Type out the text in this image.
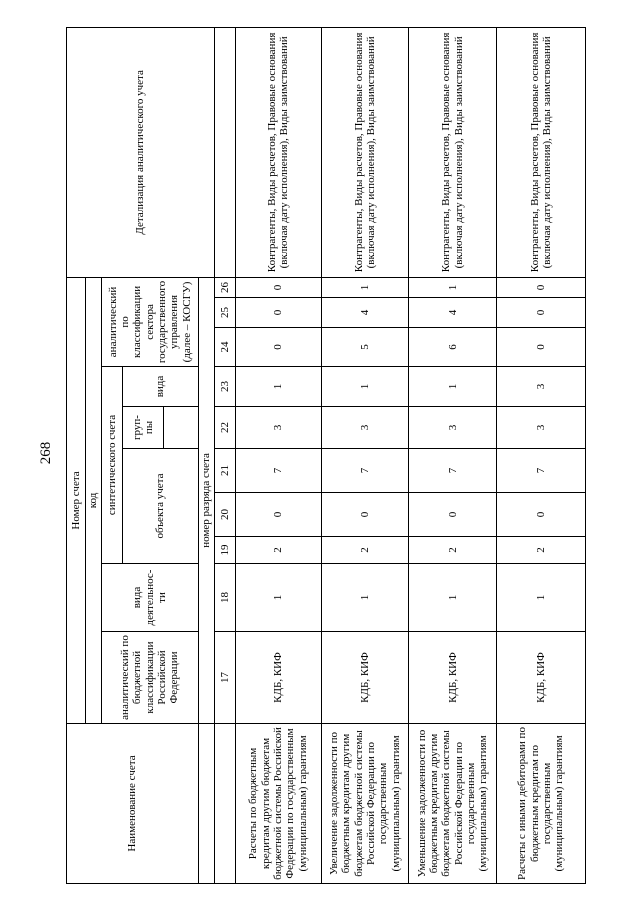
268
Наименование счета	Номер счета										Детализация аналитического учета
	код										
	аналитический по бюджетной классификации Российской Федерации	вида деятельнос-ти	синтетического счета					аналитический по классификации сектора государственного управления (далее – КОСГУ)			
			объекта учета			груп-пы	вида				

	номер разряда счета										
	17	18	19	20	21	22	23	24	25	26	
Расчеты по бюджетным кредитам другим бюджетам бюджетной системы Российской Федерации по государственным (муниципальным) гарантиям	КДБ, КИФ	1	2	0	7	3	1	0	0	0	Контрагенты, Виды расчетов, Правовые основания (включая дату исполнения), Виды заимствований
Увеличение задолженности по бюджетным кредитам другим бюджетам бюджетной системы Российской Федерации по государственным (муниципальным) гарантиям	КДБ, КИФ	1	2	0	7	3	1	5	4	1	Контрагенты, Виды расчетов, Правовые основания (включая дату исполнения), Виды заимствований
Уменьшение задолженности по бюджетным кредитам другим бюджетам бюджетной системы Российской Федерации по государственным (муниципальным) гарантиям	КДБ, КИФ	1	2	0	7	3	1	6	4	1	Контрагенты, Виды расчетов, Правовые основания (включая дату исполнения), Виды заимствований
Расчеты с иными дебиторами по бюджетным кредитам по государственным (муниципальным) гарантиям	КДБ, КИФ	1	2	0	7	3	3	0	0	0	Контрагенты, Виды расчетов, Правовые основания (включая дату исполнения), Виды заимствований
